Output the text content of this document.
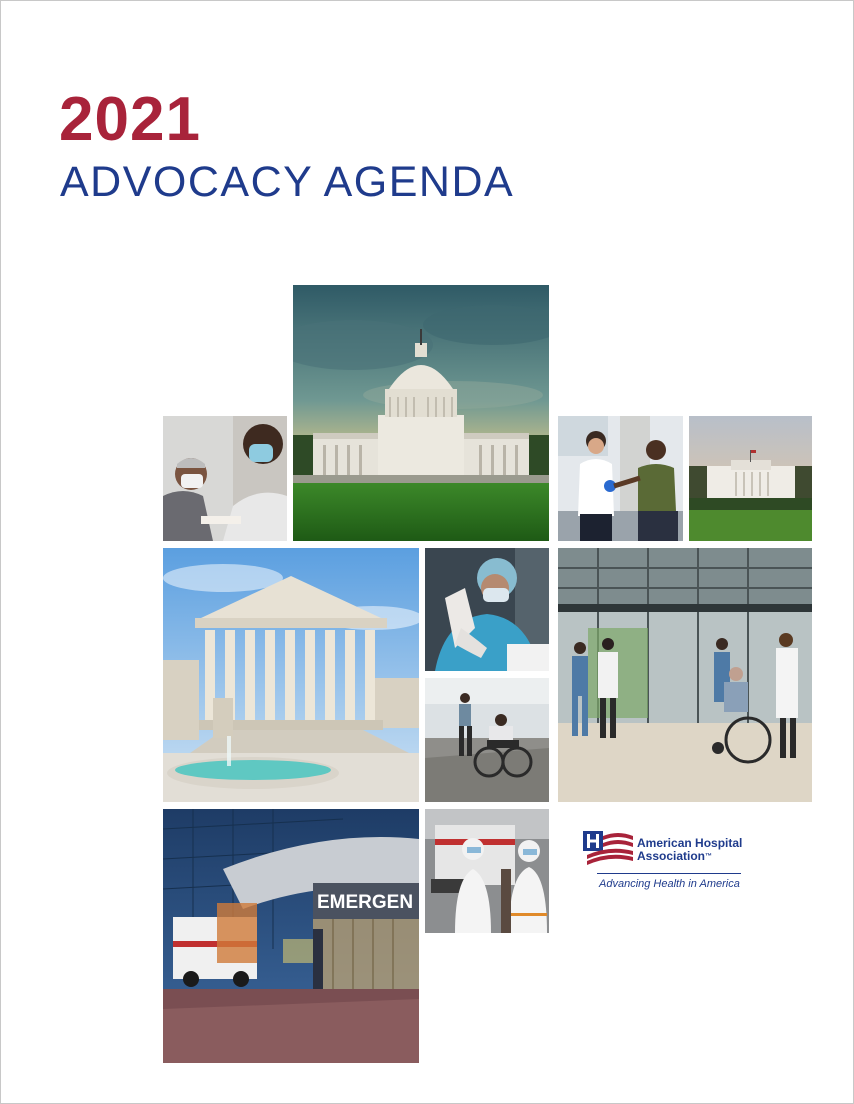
2021
ADVOCACY AGENDA
EMERGEN
American Hospital
Association™
Advancing Health in America
